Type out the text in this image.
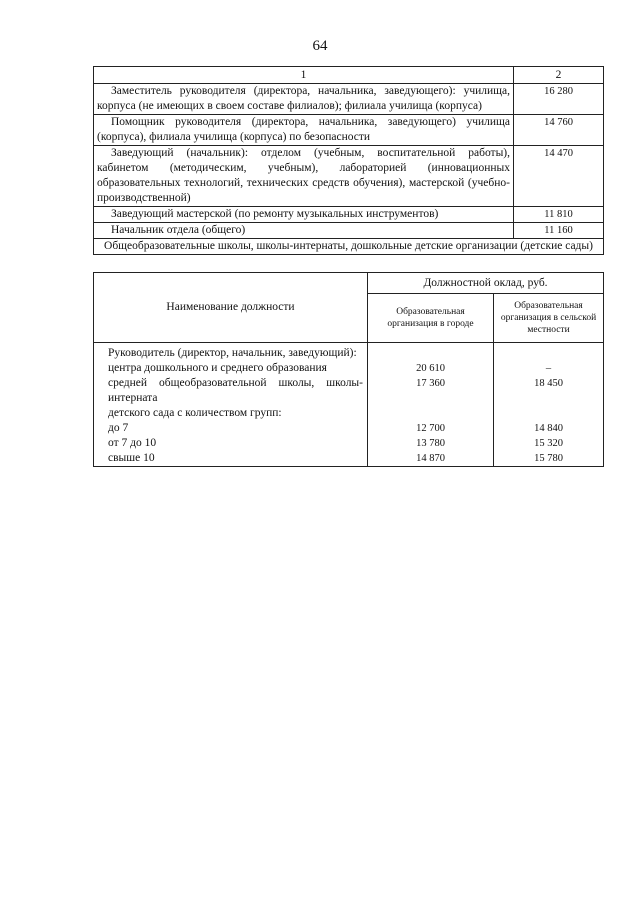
64
1	2
Заместитель руководителя (директора, начальника, заведующего): училища, корпуса (не имеющих в своем составе филиалов); филиала училища (корпуса)	16 280
Помощник руководителя (директора, начальника, заведующего) училища (корпуса), филиала училища (корпуса) по безопасности	14 760
Заведующий (начальник): отделом (учебным, воспитательной работы), кабинетом (методическим, учебным), лабораторией (инновационных образовательных технологий, технических средств обучения), мастерской (учебно-производственной)	14 470
Заведующий мастерской (по ремонту музыкальных инструментов)	11 810
Начальник отдела (общего)	11 160
Общеобразовательные школы, школы-интернаты, дошкольные детские организации (детские сады)	
Наименование должности	Должностной оклад, руб.	
	Образовательная организация в городе	Образовательная организация в сельской местности
Руководитель (директор, начальник, заведующий):		
центра дошкольного и среднего образования	20 610	–
средней общеобразовательной школы, школы-интерната	17 360	18 450
детского сада с количеством групп:		
до 7	12 700	14 840
от 7 до 10	13 780	15 320
свыше 10	14 870	15 780
